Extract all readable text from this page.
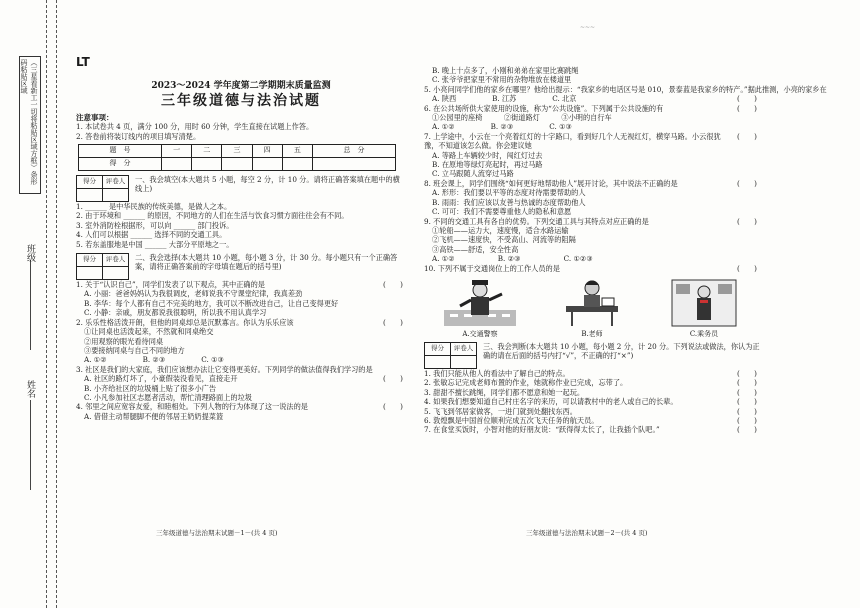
（三星看新工一切将粘贴区域方框）条形码粘贴区域
班级
姓名
~~~
LT
2023～2024 学年度第二学期期末质量监测
三年级道德与法治试题
注意事项：
1. 本试卷共 4 页，满分 100 分，用时 60 分钟，学生直接在试题上作答。
2. 答卷前将装订线内的项目填写清楚。
题　号	一	二	三	四	五	总　分
得　分						
得分	评卷人
	一、我会填空(本大题共 5 小题，每空 2 分，计 10 分。请将正确答案填在题中的横线上)
1. ______ 是中华民族的传统美德，是做人之本。
2. 由于环境和 ______ 的原因，不同地方的人们在生活与饮食习惯方面往往会有不同。
3. 室外消防栓根据形，可以向 ______ 部门投诉。
4. 人们可以根据 ______ 选择不同的交通工具。
5. 若东盖服地是中国 ______ 大部分平原地之一。
得分	评卷人
	二、我会选择(本大题共 10 小题，每小题 3 分，计 30 分。每小题只有一个正确答案，请将正确答案前的字母填在题后的括号里)
(　　)
1. 关于“认识自己”，同学们发表了以下观点，其中正确的是
A. 小丽：爸爸妈妈认为我很调皮，老师说我不守课堂纪律，我真差劲
B. 李华：每个人都有自己不完美的地方，我可以不断改进自己，让自己变得更好
C. 小静：亲戚，朋友都说我很聪明，所以我不用认真学习
(　　)
2. 乐乐性格活泼开朗，但他的同桌却总是沉默寡言。你认为乐乐应该
①让同桌也活泼起来，不然就和同桌绝交
②用观察的眼光看待同桌
③要接纳同桌与自己不同的地方
A. ①②　　　　　B. ②③　　　　　C. ①③
3. 社区是我们的大家庭，我们应该想办法让它变得更美好。下列同学的做法值得我们学习的是
(　　)
A. 社区的路灯坏了，小豪假装没看见，直接走开
B. 小齐给社区的垃圾桶上贴了很多小广告
C. 小凡参加社区志愿者活动，帮忙清理路面上的垃圾
(　　)
4. 邻里之间应宽容友爱，和睦相处。下列人物的行为体现了这一说法的是
A. 借借主动帮腿脚不便的邻居王奶奶提菜篮
三年级道德与法治期末试题－1－(共 4 页)
B. 晚上十点多了，小刚和弟弟在家里比赛跳绳
C. 张爷爷把家里不常用的杂物堆放在楼道里
5. 小亮问同学们他的家乡在哪里？他给出提示：“我家乡的电话区号是 010，景泰蓝是我家乡的特产。”据此推测，小亮的家乡在
(　　)
A. 陕西　　　　　B. 江苏　　　　　C. 北京
(　　)
6. 在公共场所供大家使用的设施，称为“公共设施”。下列属于公共设施的有
①公园里的座椅　　　②街道路灯　　　③小明的自行车
A. ①②　　　　　B. ②③　　　　　C. ①③
(　　)
7. 上学途中，小云在一个亮着红灯的十字路口，看到好几个人无视红灯，横穿马路。小云很犹豫，不知道该怎么做。你会建议她
A. 等路上车辆较少时，闯红灯过去
B. 在原地等绿灯亮起时，再过马路
C. 立马跟随人流穿过马路
(　　)
8. 班会课上，同学们围绕“如何更好地帮助他人”展开讨论，其中说法不正确的是
A. 形形：我们要以平等的态度对待需要帮助的人
B. 雨雨：我们应该以友善与热诚的态度帮助他人
C. 可可：我们不需要尊重他人的隐私和意愿
(　　)
9. 不同的交通工具有各自的优势。下列交通工具与其特点对应正确的是
①轮船——运力大，速度慢，适合水路运输
②飞机——速度快，不受高山、河流等的阻隔
③高铁——舒适，安全性高
A. ①②　　　　　　B. ②③　　　　　　C. ①②③
(　　)
10. 下列不属于交通岗位上的工作人员的是
A.交通警察	B.老师	C.乘务员
得分	评卷人
	三、我会判断(本大题共 10 小题，每小题 2 分，计 20 分。下列说法或做法，你认为正确的请在后面的括号内打“√”，不正确的打“×”)
(　　)
1. 我们只能从他人的看法中了解自己的特点。
(　　)
2. 张敏忘记完成老师布置的作业，她就称作业已完成，忘带了。
(　　)
3. 甜甜不擅长跳绳，同学们都不愿意和她一起玩。
(　　)
4. 如果我们想要知道自己村庄名字的来历，可以请教村中的老人或自己的长辈。
(　　)
5. 飞飞到邻居家做客，一进门就到处翻找东西。
(　　)
6. 敦煌飘是中国首位顺利完成五次飞天任务的航天员。
(　　)
7. 在食堂买饭时，小智对他的好朋友说：“跃得得太长了，让我插个队吧。”
三年级道德与法治期末试题－2－(共 4 页)
